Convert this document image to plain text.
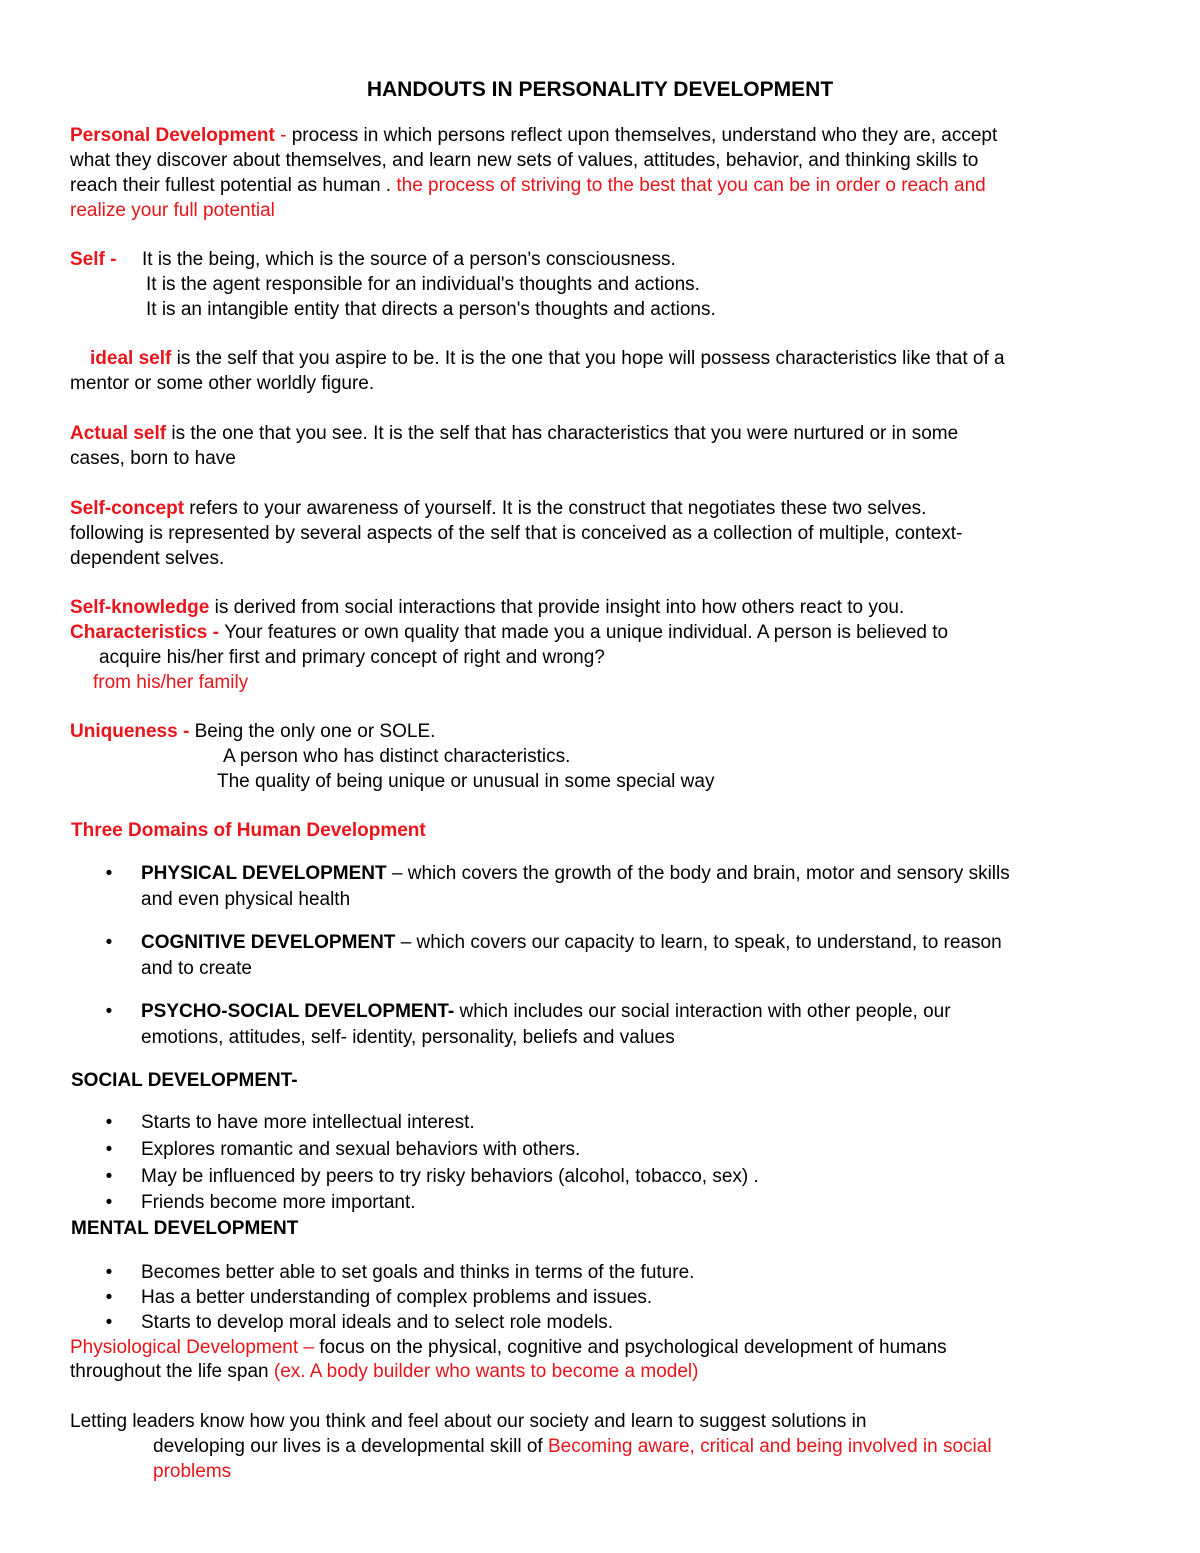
HANDOUTS IN PERSONALITY DEVELOPMENT
Personal Development - process in which persons reflect upon themselves, understand who they are, accept
what they discover about themselves, and learn new sets of values, attitudes, behavior, and thinking skills to
reach their fullest potential as human . the process of striving to the best that you can be in order o reach and
realize your full potential
Self -It is the being, which is the source of a person's consciousness.
It is the agent responsible for an individual's thoughts and actions.
It is an intangible entity that directs a person's thoughts and actions.
ideal self is the self that you aspire to be. It is the one that you hope will possess characteristics like that of a
mentor or some other worldly figure.
Actual self is the one that you see. It is the self that has characteristics that you were nurtured or in some
cases, born to have
Self-concept refers to your awareness of yourself. It is the construct that negotiates these two selves.
following is represented by several aspects of the self that is conceived as a collection of multiple, context-
dependent selves.
Self-knowledge is derived from social interactions that provide insight into how others react to you.
Characteristics - Your features or own quality that made you a unique individual. A person is believed to
acquire his/her first and primary concept of right and wrong?
from his/her family
Uniqueness - Being the only one or SOLE.
A person who has distinct characteristics.
The quality of being unique or unusual in some special way
Three Domains of Human Development
• PHYSICAL DEVELOPMENT – which covers the growth of the body and brain, motor and sensory skills
and even physical health
• COGNITIVE DEVELOPMENT – which covers our capacity to learn, to speak, to understand, to reason
and to create
• PSYCHO-SOCIAL DEVELOPMENT- which includes our social interaction with other people, our
emotions, attitudes, self- identity, personality, beliefs and values
SOCIAL DEVELOPMENT-
• Starts to have more intellectual interest.
• Explores romantic and sexual behaviors with others.
• May be influenced by peers to try risky behaviors (alcohol, tobacco, sex) .
• Friends become more important.
MENTAL DEVELOPMENT
• Becomes better able to set goals and thinks in terms of the future.
• Has a better understanding of complex problems and issues.
• Starts to develop moral ideals and to select role models.
Physiological Development – focus on the physical, cognitive and psychological development of humans
throughout the life span (ex. A body builder who wants to become a model)
Letting leaders know how you think and feel about our society and learn to suggest solutions in
developing our lives is a developmental skill of Becoming aware, critical and being involved in social
problems
